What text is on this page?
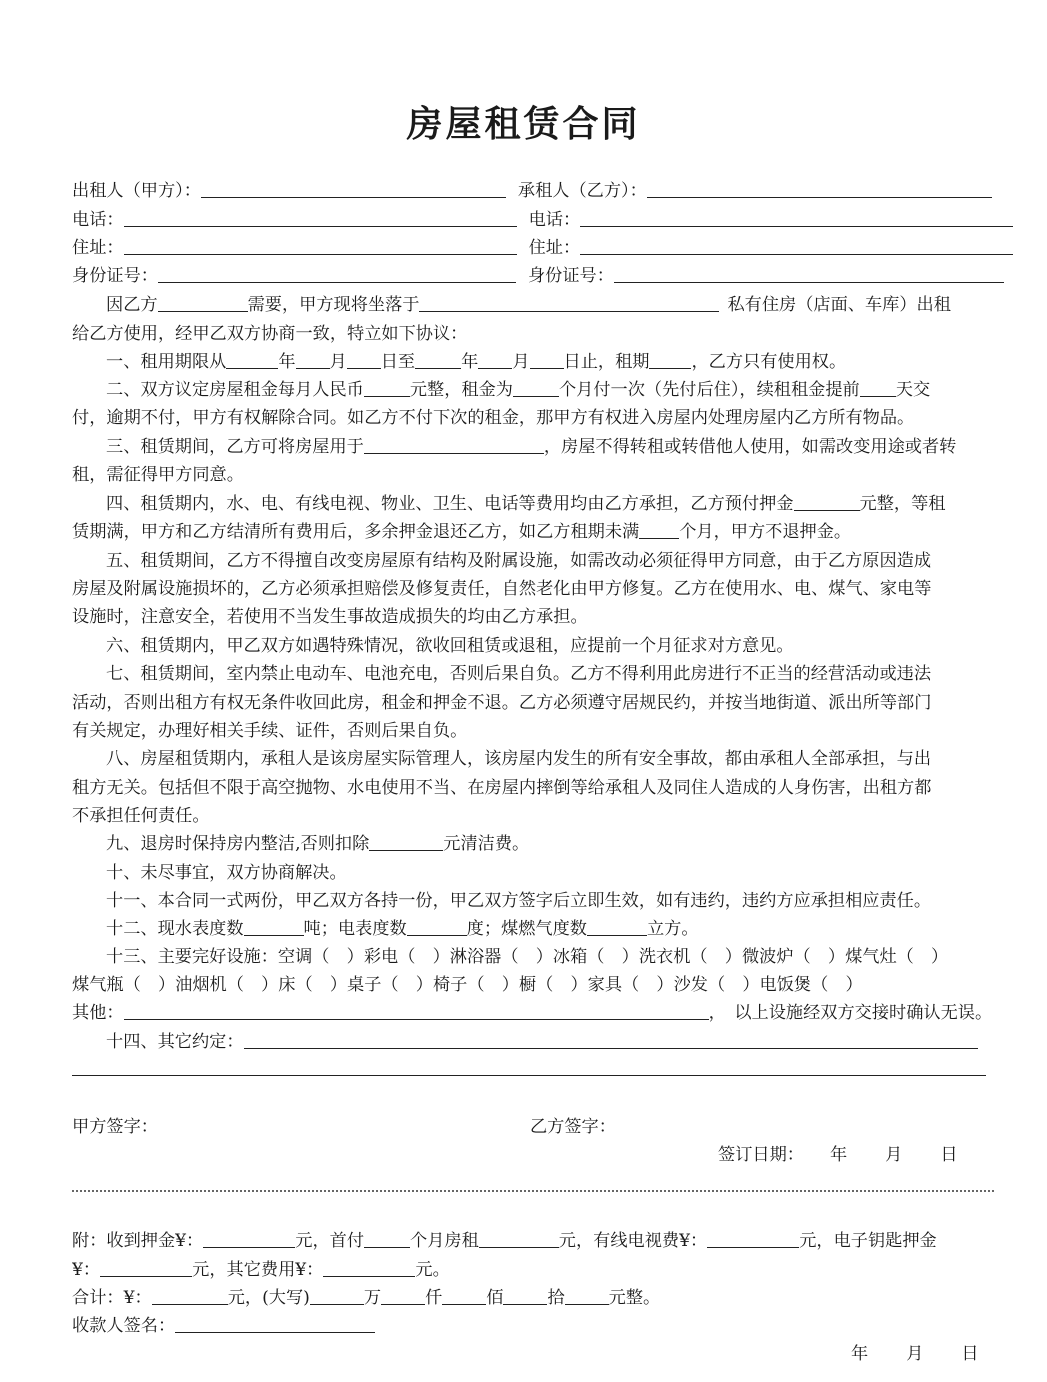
房屋租赁合同
出租人（甲方）：	承租人（乙方）：
电话：	电话：
住址：	住址：
身份证号：	身份证号：
因乙方	需要，甲方现将坐落于	私有住房（店面、车库）出租
给乙方使用，经甲乙双方协商一致，特立如下协议：
一、租用期限从	年 月 日至	年 月 日止，租期 ，乙方只有使用权。
二、双方议定房屋租金每月人民币	元整，租金为	个月付一次（先付后住），续租租金提前 天交
付，逾期不付，甲方有权解除合同。如乙方不付下次的租金，那甲方有权进入房屋内处理房屋内乙方所有物品。
三、租赁期间，乙方可将房屋用于	，房屋不得转租或转借他人使用，如需改变用途或者转
租，需征得甲方同意。
四、租赁期内，水、电、有线电视、物业、卫生、电话等费用均由乙方承担，乙方预付押金	元整，等租
赁期满，甲方和乙方结清所有费用后，多余押金退还乙方，如乙方租期未满 个月，甲方不退押金。
五、租赁期间，乙方不得擅自改变房屋原有结构及附属设施，如需改动必须征得甲方同意，由于乙方原因造成
房屋及附属设施损坏的，乙方必须承担赔偿及修复责任，自然老化由甲方修复。乙方在使用水、电、煤气、家电等
设施时，注意安全，若使用不当发生事故造成损失的均由乙方承担。
六、租赁期内，甲乙双方如遇特殊情况，欲收回租赁或退租，应提前一个月征求对方意见。
七、租赁期间，室内禁止电动车、电池充电，否则后果自负。乙方不得利用此房进行不正当的经营活动或违法
活动，否则出租方有权无条件收回此房，租金和押金不退。乙方必须遵守居规民约，并按当地街道、派出所等部门
有关规定，办理好相关手续、证件，否则后果自负。
八、房屋租赁期内，承租人是该房屋实际管理人，该房屋内发生的所有安全事故，都由承租人全部承担，与出
租方无关。包括但不限于高空抛物、水电使用不当、在房屋内摔倒等给承租人及同住人造成的人身伤害，出租方都
不承担任何责任。
九、退房时保持房内整洁,否则扣除	元清洁费。
十、未尽事宜，双方协商解决。
十一、本合同一式两份，甲乙双方各持一份，甲乙双方签字后立即生效，如有违约，违约方应承担相应责任。
十二、现水表度数	吨；电表度数	度；煤燃气度数	立方。
十三、主要完好设施：空调（　）彩电（　）淋浴器（　）冰箱（　）洗衣机（　）微波炉（　）煤气灶（　）
煤气瓶（　）油烟机（　）床（　）桌子（　）椅子（　）橱（　）家具（　）沙发（　）电饭煲（　）
其他：	，　以上设施经双方交接时确认无误。
十四、其它约定：
甲方签字：	乙方签字：
签订日期： 年 月 日
附：收到押金¥：	元，首付	个月房租	元，有线电视费¥：	元，电子钥匙押金
¥：	元，其它费用¥：	元。
合计：¥：	元，(大写)	万	仟	佰	拾	元整。
收款人签名：
年 月 日
